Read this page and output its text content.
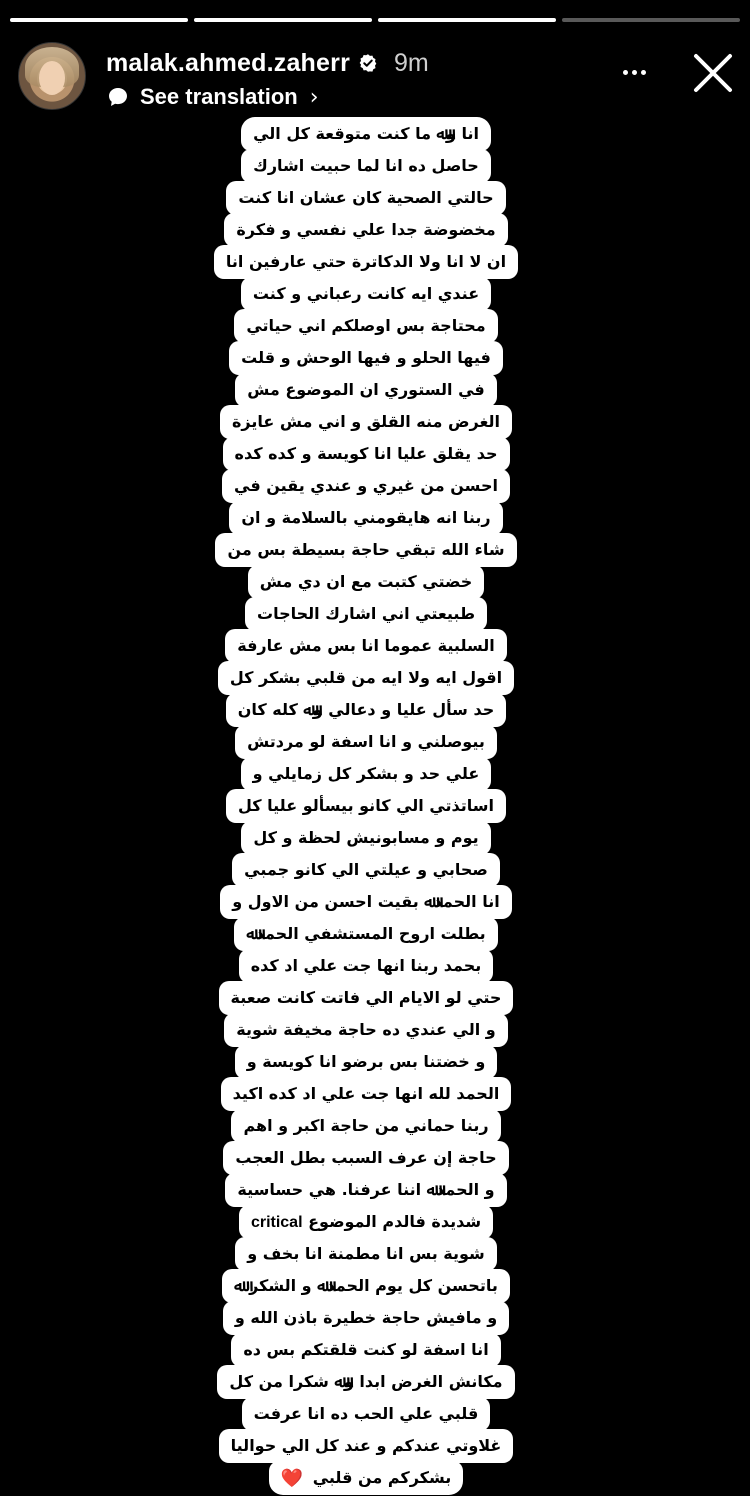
malak.ahmed.zaherr 9m
See translation ›
انا وﷲ ما كنت متوقعة كل الي
حاصل ده انا لما حبيت اشارك
حالتي الصحية كان عشان انا كنت
مخضوضة جدا علي نفسي و فكرة
ان لا انا ولا الدكاترة حتي عارفين انا
عندي ايه كانت رعباني و كنت
محتاجة بس اوصلكم اني حياتي
فيها الحلو و فيها الوحش و قلت
في الستوري ان الموضوع مش
الغرض منه القلق و اني مش عايزة
حد يقلق عليا انا كويسة و كده كده
احسن من غيري و عندي يقين في
ربنا انه هايقومني بالسلامة و ان
شاء الله تبقي حاجة بسيطة بس من
خضتي كتبت مع ان دي مش
طبيعتي اني اشارك الحاجات
السلبية عموما انا بس مش عارفة
اقول ايه ولا ايه من قلبي بشكر كل
حد سأل عليا و دعالي وﷲ كله كان
بيوصلني و انا اسفة لو مردتش
علي حد و بشكر كل زمايلي و
اساتذتي الي كانو بيسألو عليا كل
يوم و مسابونيش لحظة و كل
صحابي و عيلتي الي كانو جمبي
انا الحمدﷲ بقيت احسن من الاول و
بطلت اروح المستشفي الحمدﷲ
بحمد ربنا انها جت علي اد كده
حتي لو الايام الي فاتت كانت صعبة
و الي عندي ده حاجة مخيفة شوية
و خضتنا بس برضو انا كويسة و
الحمد لله انها جت علي اد كده اكيد
ربنا حماني من حاجة اكبر و اهم
حاجة إن عرف السبب بطل العجب
و الحمدﷲ اننا عرفنا. هي حساسية
شديدة فالدم الموضوع critical
شوية بس انا مطمنة انا بخف و
باتحسن كل يوم الحمدﷲ و الشكر ﷲ
و مافيش حاجة خطيرة باذن الله و
انا اسفة لو كنت قلقتكم بس ده
مكانش الغرض ابدا وﷲ شكرا من كل
قلبي علي الحب ده انا عرفت
غلاوتي عندكم و عند كل الي حواليا
بشكركم من قلبي ❤️
